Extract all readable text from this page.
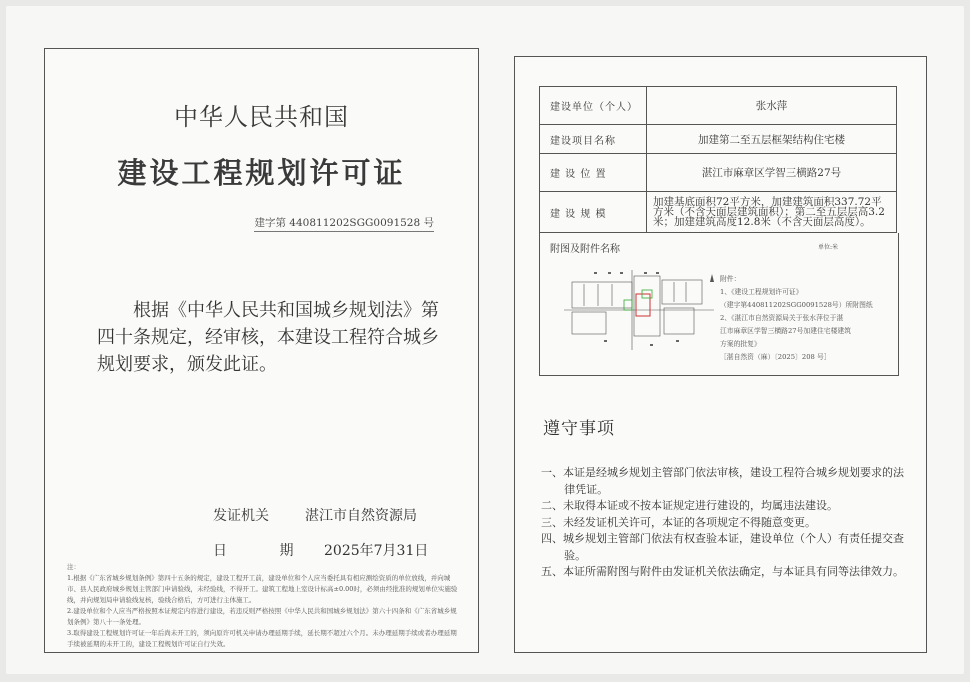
中华人民共和国
建设工程规划许可证
建字第 440811202SGG0091528 号
根据《中华人民共和国城乡规划法》第四十条规定，经审核，本建设工程符合城乡规划要求，颁发此证。
发证机关	湛江市自然资源局
日 期 2025年7月31日
注：
1.根据《广东省城乡规划条例》第四十五条的规定，建设工程开工前，建设单位和个人应当委托具有相应测绘资质的单位放线，并向城市、县人民政府城乡规划主管部门申请验线，未经验线，不得开工。建筑工程地上室设计标高±0.00时，必须由经批准的规划单位实施验线，并向规划局申请验线复核，验线合格后，方可进行主体施工。
2.建设单位和个人应当严格按照本证规定内容进行建设，若违反则严格按照《中华人民共和国城乡规划法》第六十四条和《广东省城乡规划条例》第八十一条处理。
3.取得建设工程规划许可证一年后尚未开工的，须向原许可机关申请办理延期手续，延长期不超过六个月。未办理延期手续或者办理延期手续被延期的未开工的，建设工程规划许可证自行失效。
建设单位（个人）	张水萍
建设项目名称	加建第二至五层框架结构住宅楼
建 设 位 置	湛江市麻章区学智三横路27号
建 设 规 模	加建基底面积72平方米，加建建筑面积337.72平方米（不含天面层建筑面积）；第二至五层层高3.2米；加建建筑高度12.8米（不含天面层高度）。
附图及附件名称	单位:米
附件：
1、《建设工程规划许可证》
（建字第440811202SGG0091528号）所附图纸
2、《湛江市自然资源局关于张水萍位于湛
江市麻章区学智三横路27号加建住宅楼建筑
方案的批复》
［湛自然资（麻）〔2025〕208 号］
遵守事项
一、本证是经城乡规划主管部门依法审核，建设工程符合城乡规划要求的法律凭证。
二、未取得本证或不按本证规定进行建设的，均属违法建设。
三、未经发证机关许可，本证的各项规定不得随意变更。
四、城乡规划主管部门依法有权查验本证，建设单位（个人）有责任提交查验。
五、本证所需附图与附件由发证机关依法确定，与本证具有同等法律效力。
